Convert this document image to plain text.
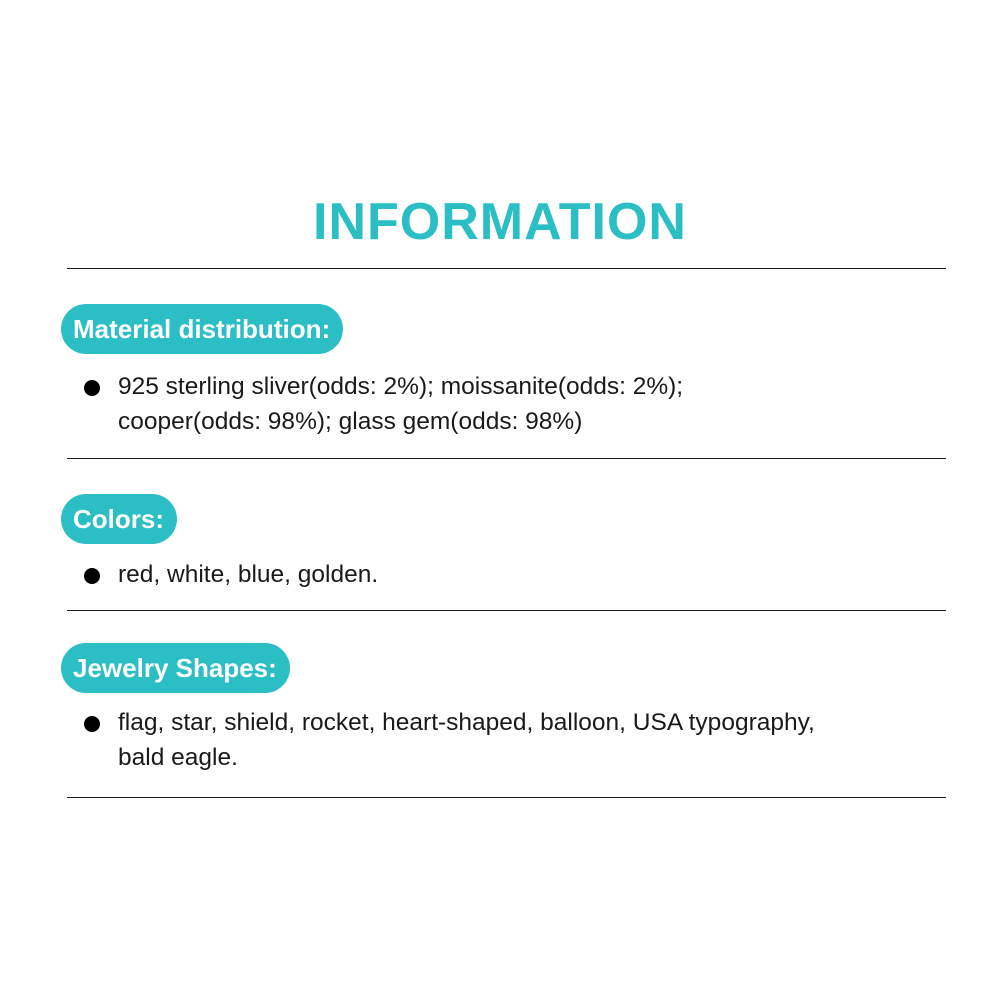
INFORMATION
Material distribution:
925 sterling sliver(odds: 2%); moissanite(odds: 2%);
cooper(odds: 98%); glass gem(odds: 98%)
Colors:
red, white, blue, golden.
Jewelry Shapes:
flag, star, shield, rocket, heart-shaped, balloon, USA typography,
bald eagle.
